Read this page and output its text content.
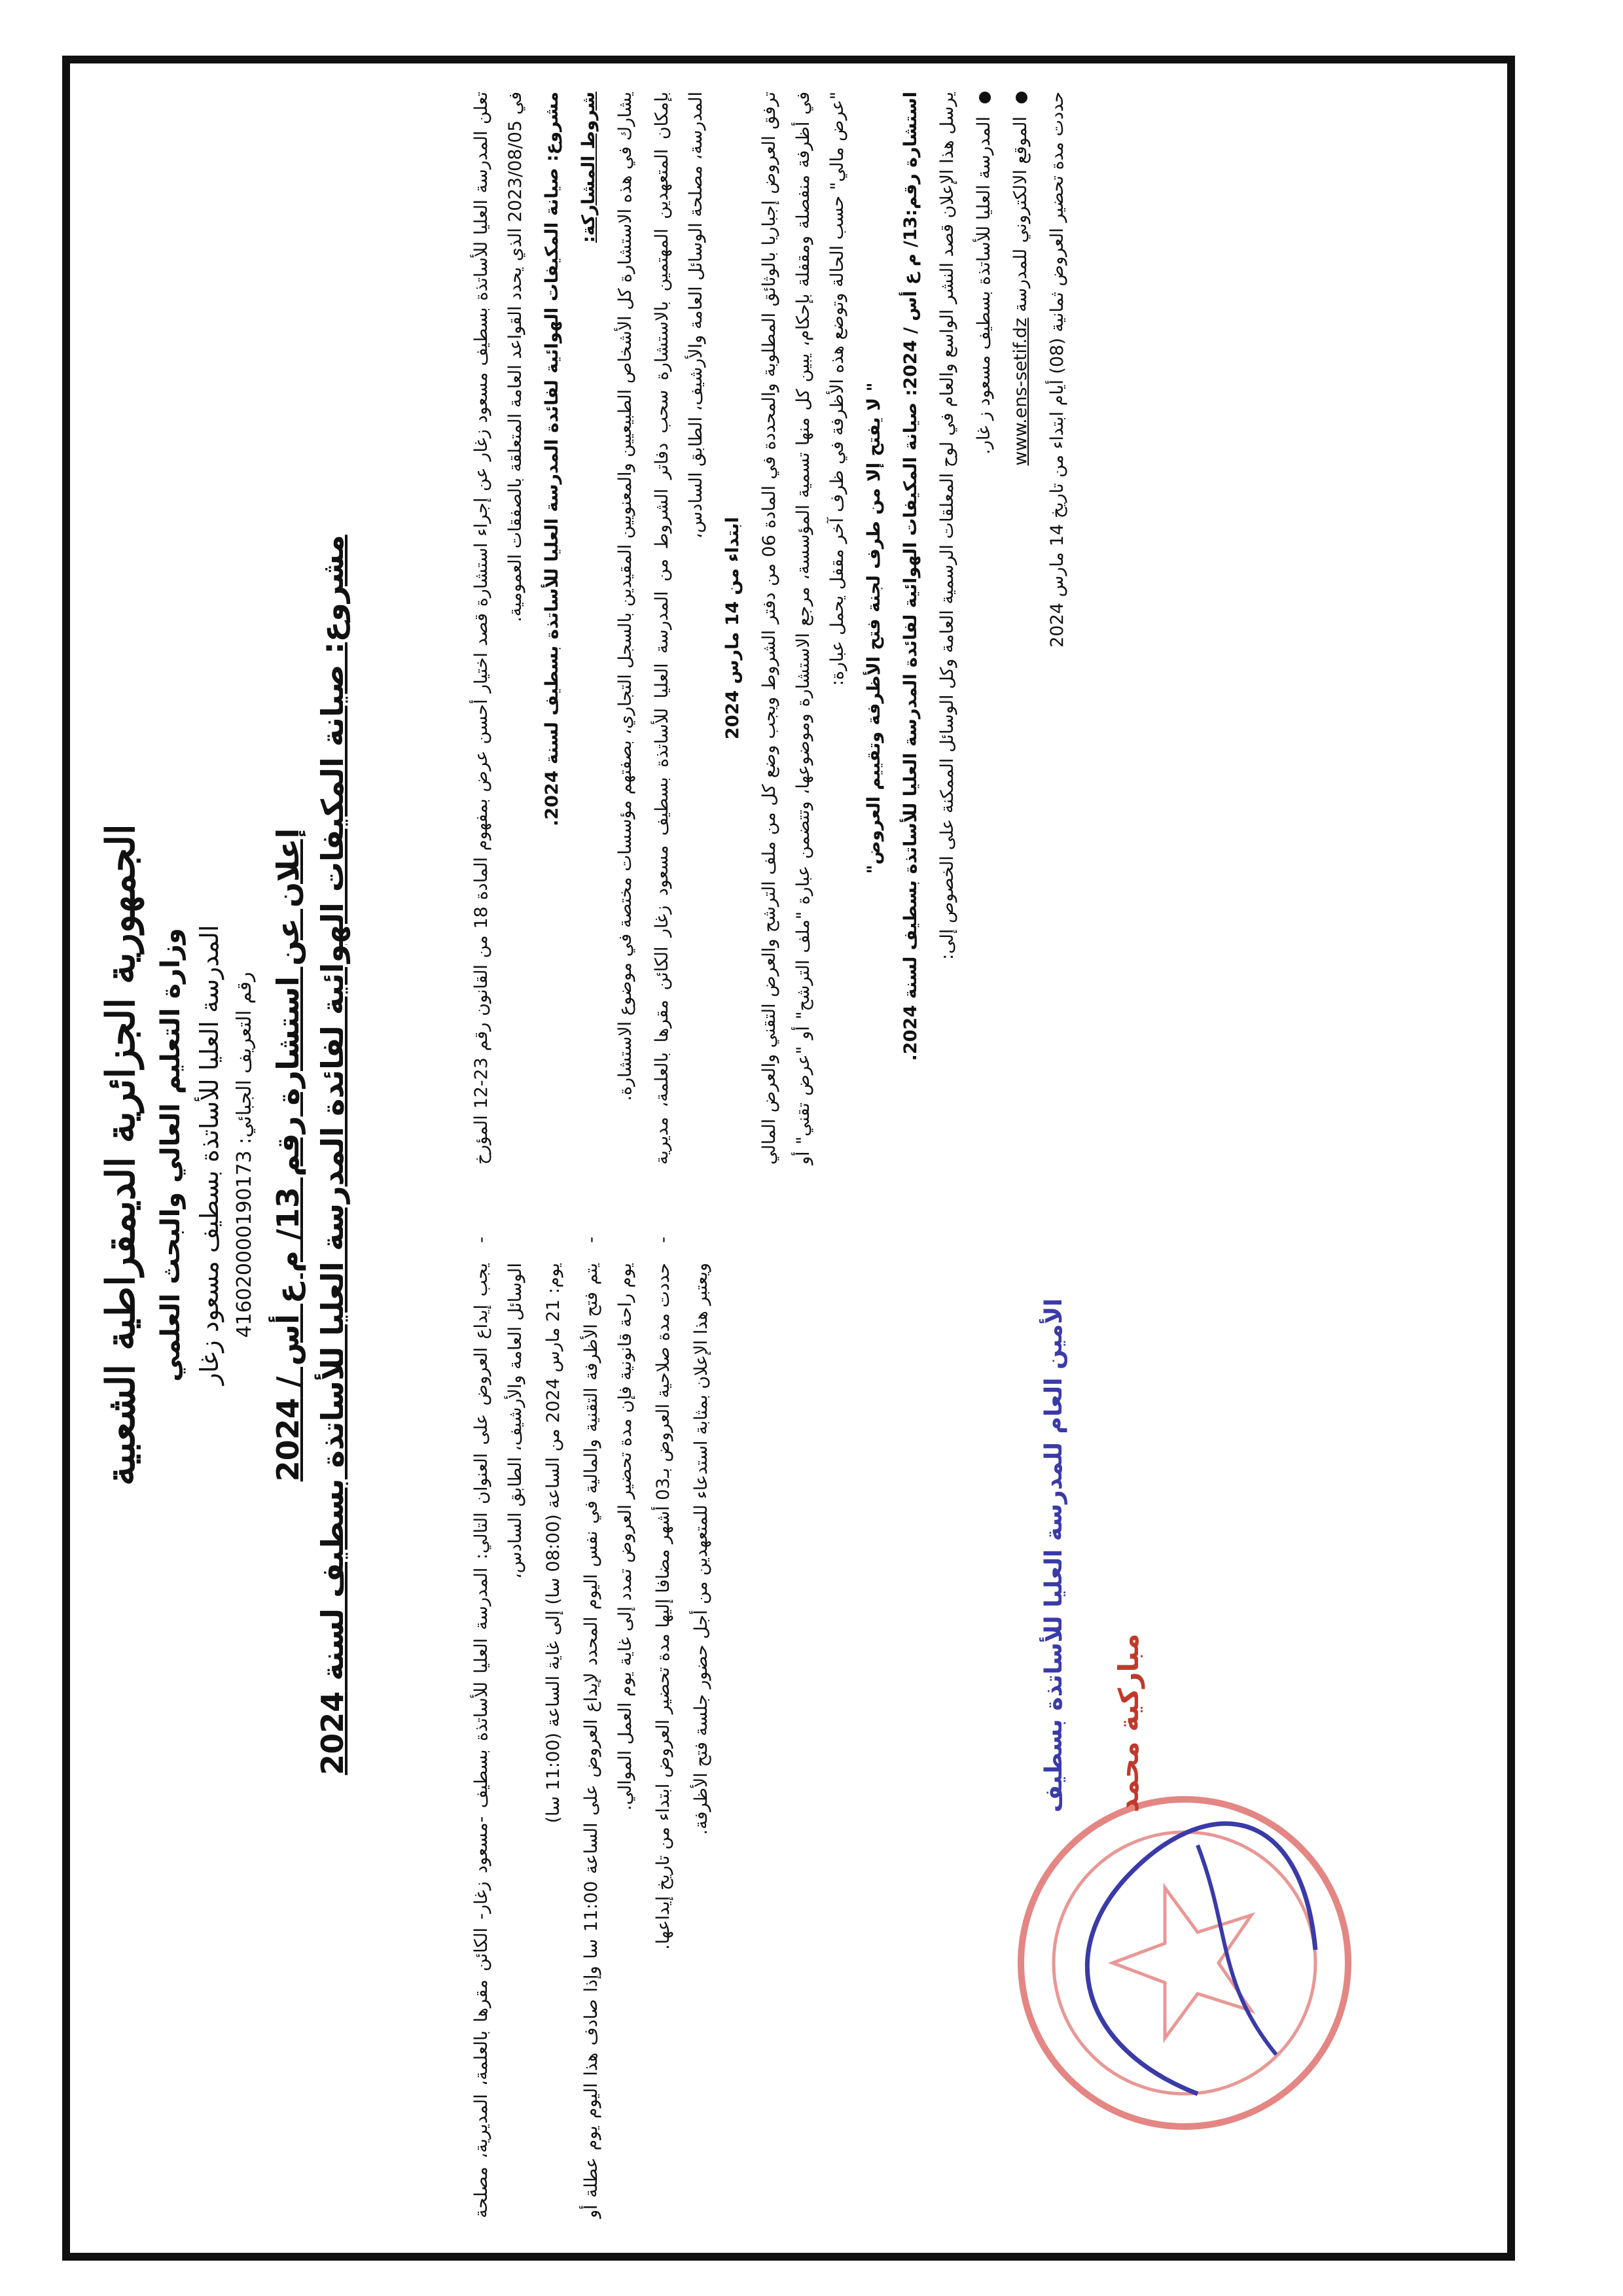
الجمهورية الجزائرية الديمقراطية الشعبية وزارة التعليم العالي والبحث العلمي المدرسة العليا للأساتذة بسطيف مسعود زغار رقم التعريف الجبائي: 416020000190173
إعلان عن استشارة رقم 13/ م ع أس / 2024
مشروع: صيانة المكيفات الهوائية لفائدة المدرسة العليا للأساتذة بسطيف لسنة 2024	تعلن المدرسة العليا للأساتذة بسطيف مسعود زغار عن إجراء استشارة قصد اختيار أحسن عرض بمفهوم المادة 18 من القانون رقم 23-12 المؤرخ في 2023/08/05 الذي يحدد القواعد العامة المتعلقة بالصفقات العمومية.

مشروع: صيانة المكيفات الهوائية لفائدة المدرسة العليا للأساتذة بسطيف لسنة 2024. شروط المشاركة: يشارك في هذه الاستشارة كل الأشخاص الطبيعيين والمعنويين المقيدين بالسجل التجاري، بصفتهم مؤسسات مختصة في موضوع الاستشارة. بإمكان المتعهدين المهتمين بالاستشارة سحب دفاتر الشروط من المدرسة العليا للأساتذة بسطيف مسعود زغار الكائن مقرها بالعلمة، مديرية المدرسة، مصلحة الوسائل العامة والأرشيف، الطابق السادس،

ابتداء من 14 مارس 2024 ترفق العروض إجباريا بالوثائق المطلوبة والمحددة في المادة 06 من دفتر الشروط ويجب وضع كل من ملف الترشح والعرض التقني والعرض المالي في أظرفة منفصلة ومقفلة بإحكام، يبين كل منها تسمية المؤسسة، مرجع الاستشارة وموضوعها، وتتضمن عبارة "ملف الترشح" أو "عرض تقني" أو "عرض مالي" حسب الحالة وتوضع هذه الأظرفة في ظرف آخر مقفل يحمل عبارة: " لا يفتح إلا من طرف لجنة فتح الأظرفة وتقييم العروض"

استشارة رقم:13/ م ع أس / 2024: صيانة المكيفات الهوائية لفائدة المدرسة العليا للأساتذة بسطيف لسنة 2024. يرسل هذا الإعلان قصد النشر الواسع والعام في لوح المعلقات الرسمية العامة وكل الوسائل الممكنة على الخصوص إلى: المدرسة العليا للأساتذة بسطيف مسعود ز غار. الموقع الالكتروني للمدرسة www.ens-setif.dz

حددت مدة تحضير العروض ثمانية (08) أيام ابتداء من تاريخ 14 مارس 2024

-
يجب إيداع العروض على العنوان التالي: المدرسة العليا للأساتذة بسطيف -مسعود زغار- الكائن مقرها بالعلمة، المديرية، مصلحة الوسائل العامة والأرشيف، الطابق السادس،

يوم: 21 مارس 2024 من الساعة (08:00 سا) إلى غاية الساعة (11:00 سا)

-
يتم فتح الأظرفة التقنية والمالية في نفس اليوم المحدد لإيداع العروض على الساعة 11:00 سا وإذا صادف هذا اليوم يوم عطلة أو يوم راحة قانونية فإن مدة تحضير العروض تمدد إلى غاية يوم العمل الموالي.

-
حددت مدة صلاحية العروض بـ03 أشهر مضافا إليها مدة تحضير العروض ابتداء من تاريخ إيداعها.	ويعتبر هذا الإعلان بمثابة استدعاء للمتعهدين من أجل حضور جلسة فتح الأظرفة.	الأمين العام للمدرسة العليا للأساتذة بسطيف مباركية محمد
